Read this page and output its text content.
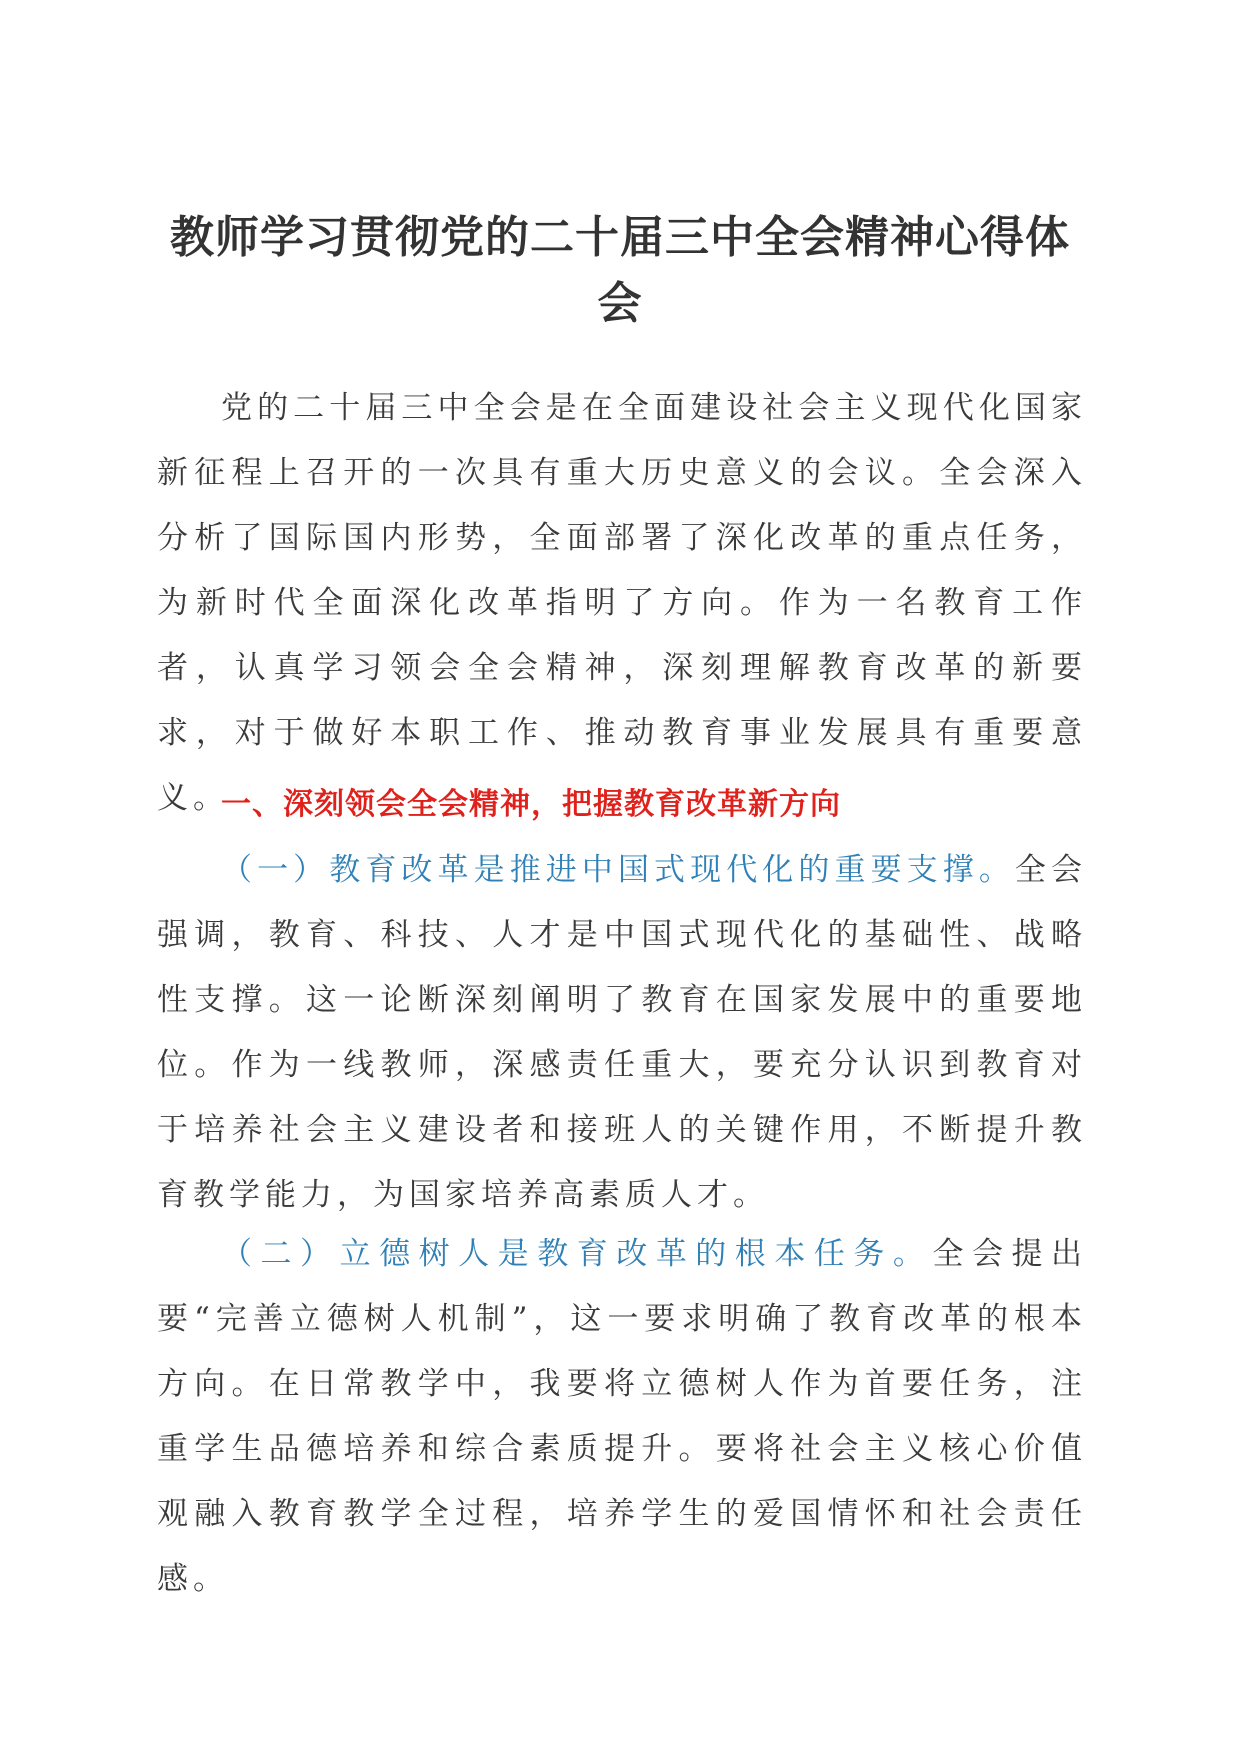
教师学习贯彻党的二十届三中全会精神心得体会

党的二十届三中全会是在全面建设社会主义现代化国家新征程上召开的一次具有重大历史意义的会议。全会深入分析了国际国内形势，全面部署了深化改革的重点任务，为新时代全面深化改革指明了方向。作为一名教育工作者，认真学习领会全会精神，深刻理解教育改革的新要求，对于做好本职工作、推动教育事业发展具有重要意义。

一、深刻领会全会精神，把握教育改革新方向

（一）教育改革是推进中国式现代化的重要支撑。全会强调，教育、科技、人才是中国式现代化的基础性、战略性支撑。这一论断深刻阐明了教育在国家发展中的重要地位。作为一线教师，深感责任重大，要充分认识到教育对于培养社会主义建设者和接班人的关键作用，不断提升教育教学能力，为国家培养高素质人才。

（二）立德树人是教育改革的根本任务。全会提出要“完善立德树人机制”，这一要求明确了教育改革的根本方向。在日常教学中，我要将立德树人作为首要任务，注重学生品德培养和综合素质提升。要将社会主义核心价值观融入教育教学全过程，培养学生的爱国情怀和社会责任感。
